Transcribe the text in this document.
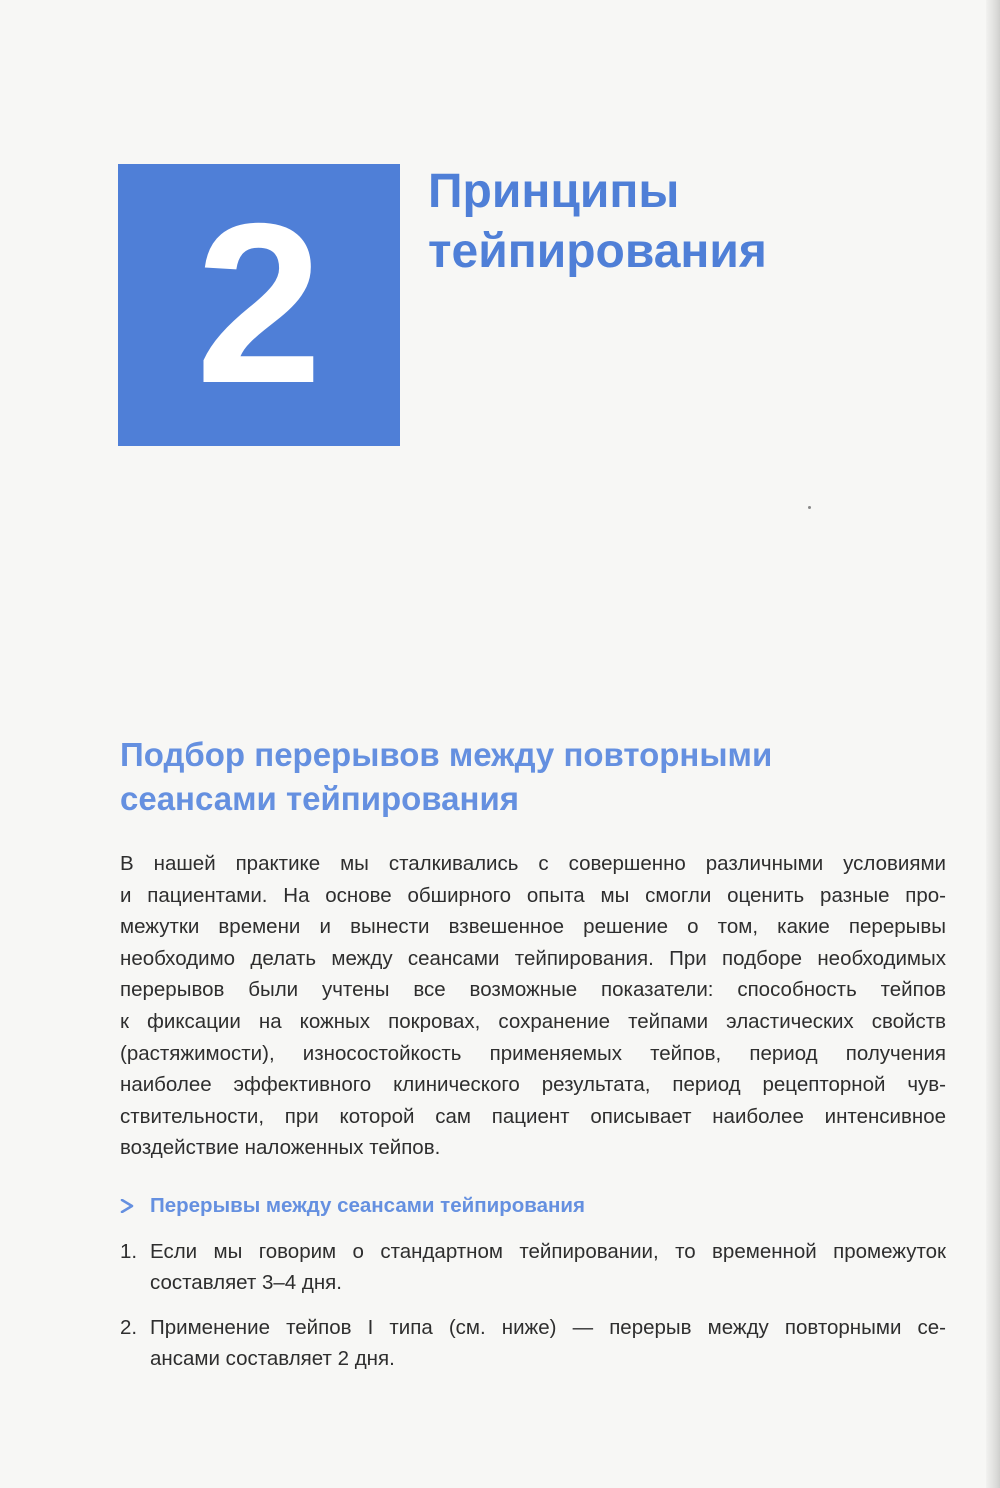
2	Принципы
тейпирования
Подбор перерывов между повторными
сеансами тейпирования

В нашей практике мы сталкивались с совершенно различными условиями
и пациентами. На основе обширного опыта мы смогли оценить разные про-
межутки времени и вынести взвешенное решение о том, какие перерывы
необходимо делать между сеансами тейпирования. При подборе необходимых
перерывов были учтены все возможные показатели: способность тейпов
к фиксации на кожных покровах, сохранение тейпами эластических свойств
(растяжимости), износостойкость применяемых тейпов, период получения
наиболее эффективного клинического результата, период рецепторной чув-
ствительности, при которой сам пациент описывает наиболее интенсивное
воздействие наложенных тейпов.

Перерывы между сеансами тейпирования
1. Если мы говорим о стандартном тейпировании, то временной промежуток
составляет 3–4 дня.
2. Применение тейпов I типа (см. ниже) — перерыв между повторными се-
ансами составляет 2 дня.
